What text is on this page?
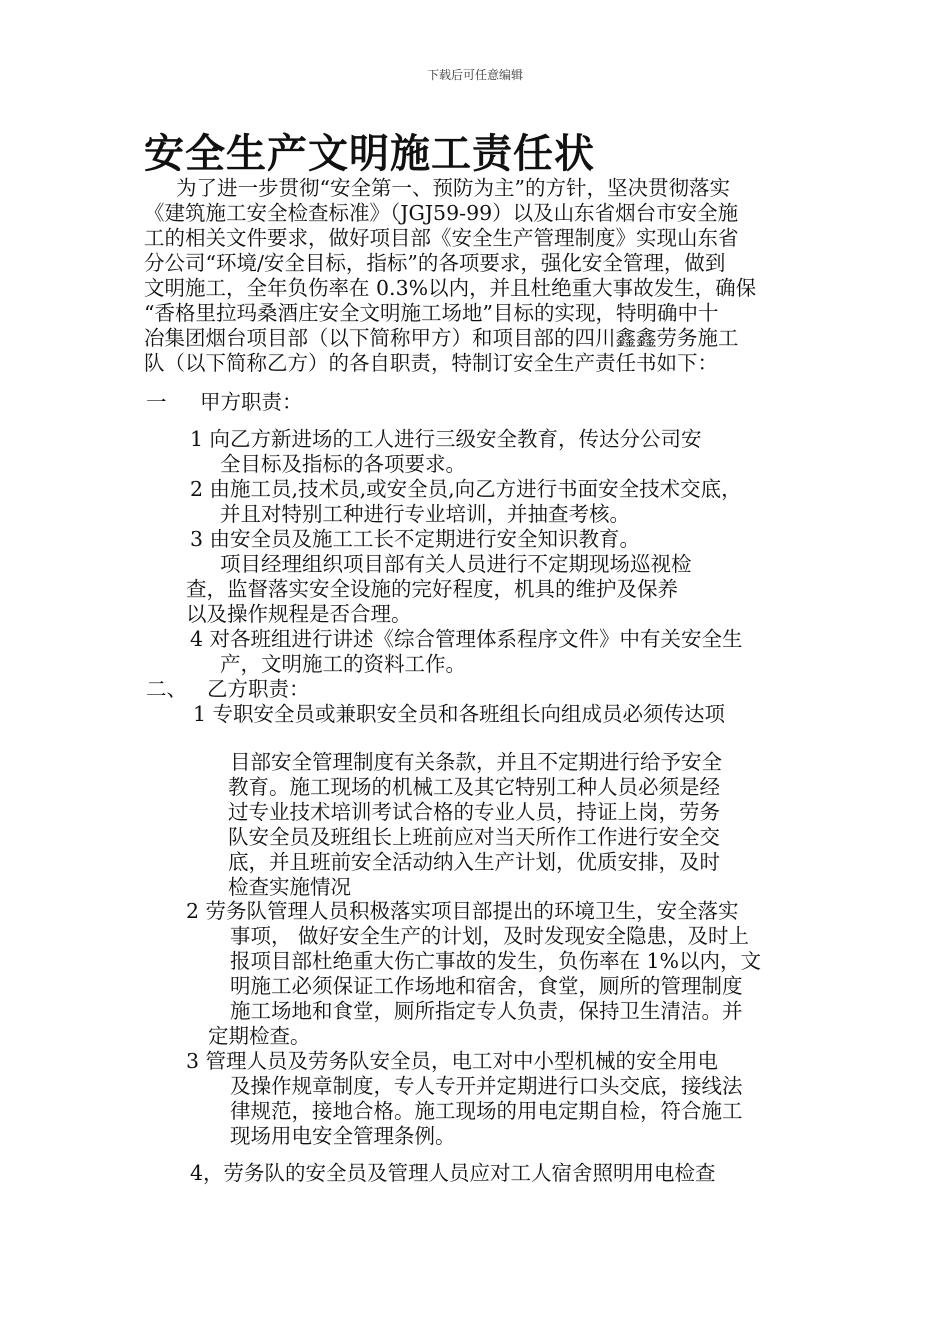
下载后可任意编辑
安全生产文明施工责任状
为了进一步贯彻“安全第一、预防为主”的方针，坚决贯彻落实
《建筑施工安全检查标准》（JGJ59-99）以及山东省烟台市安全施
工的相关文件要求，做好项目部《安全生产管理制度》实现山东省
分公司“环境/安全目标，指标”的各项要求，强化安全管理，做到
文明施工，全年负伤率在 0.3%以内，并且杜绝重大事故发生，确保
“香格里拉玛桑酒庄安全文明施工场地”目标的实现，特明确中十
冶集团烟台项目部（以下简称甲方）和项目部的四川鑫鑫劳务施工
队（以下简称乙方）的各自职责，特制订安全生产责任书如下：
一 甲方职责：
1 向乙方新进场的工人进行三级安全教育，传达分公司安
全目标及指标的各项要求。
2 由施工员,技术员,或安全员,向乙方进行书面安全技术交底，
并且对特别工种进行专业培训，并抽查考核。
3 由安全员及施工工长不定期进行安全知识教育。
项目经理组织项目部有关人员进行不定期现场巡视检
查，监督落实安全设施的完好程度，机具的维护及保养
以及操作规程是否合理。
4 对各班组进行讲述《综合管理体系程序文件》中有关安全生
产，文明施工的资料工作。
二、 乙方职责：
1 专职安全员或兼职安全员和各班组长向组成员必须传达项
目部安全管理制度有关条款，并且不定期进行给予安全
教育。施工现场的机械工及其它特别工种人员必须是经
过专业技术培训考试合格的专业人员，持证上岗，劳务
队安全员及班组长上班前应对当天所作工作进行安全交
底，并且班前安全活动纳入生产计划，优质安排，及时
检查实施情况
2 劳务队管理人员积极落实项目部提出的环境卫生，安全落实
事项， 做好安全生产的计划，及时发现安全隐患，及时上
报项目部杜绝重大伤亡事故的发生，负伤率在 1%以内，文
明施工必须保证工作场地和宿舍，食堂，厕所的管理制度
施工场地和食堂，厕所指定专人负责，保持卫生清洁。并
定期检查。
3 管理人员及劳务队安全员，电工对中小型机械的安全用电
及操作规章制度，专人专开并定期进行口头交底，接线法
律规范，接地合格。施工现场的用电定期自检，符合施工
现场用电安全管理条例。
4，劳务队的安全员及管理人员应对工人宿舍照明用电检查
